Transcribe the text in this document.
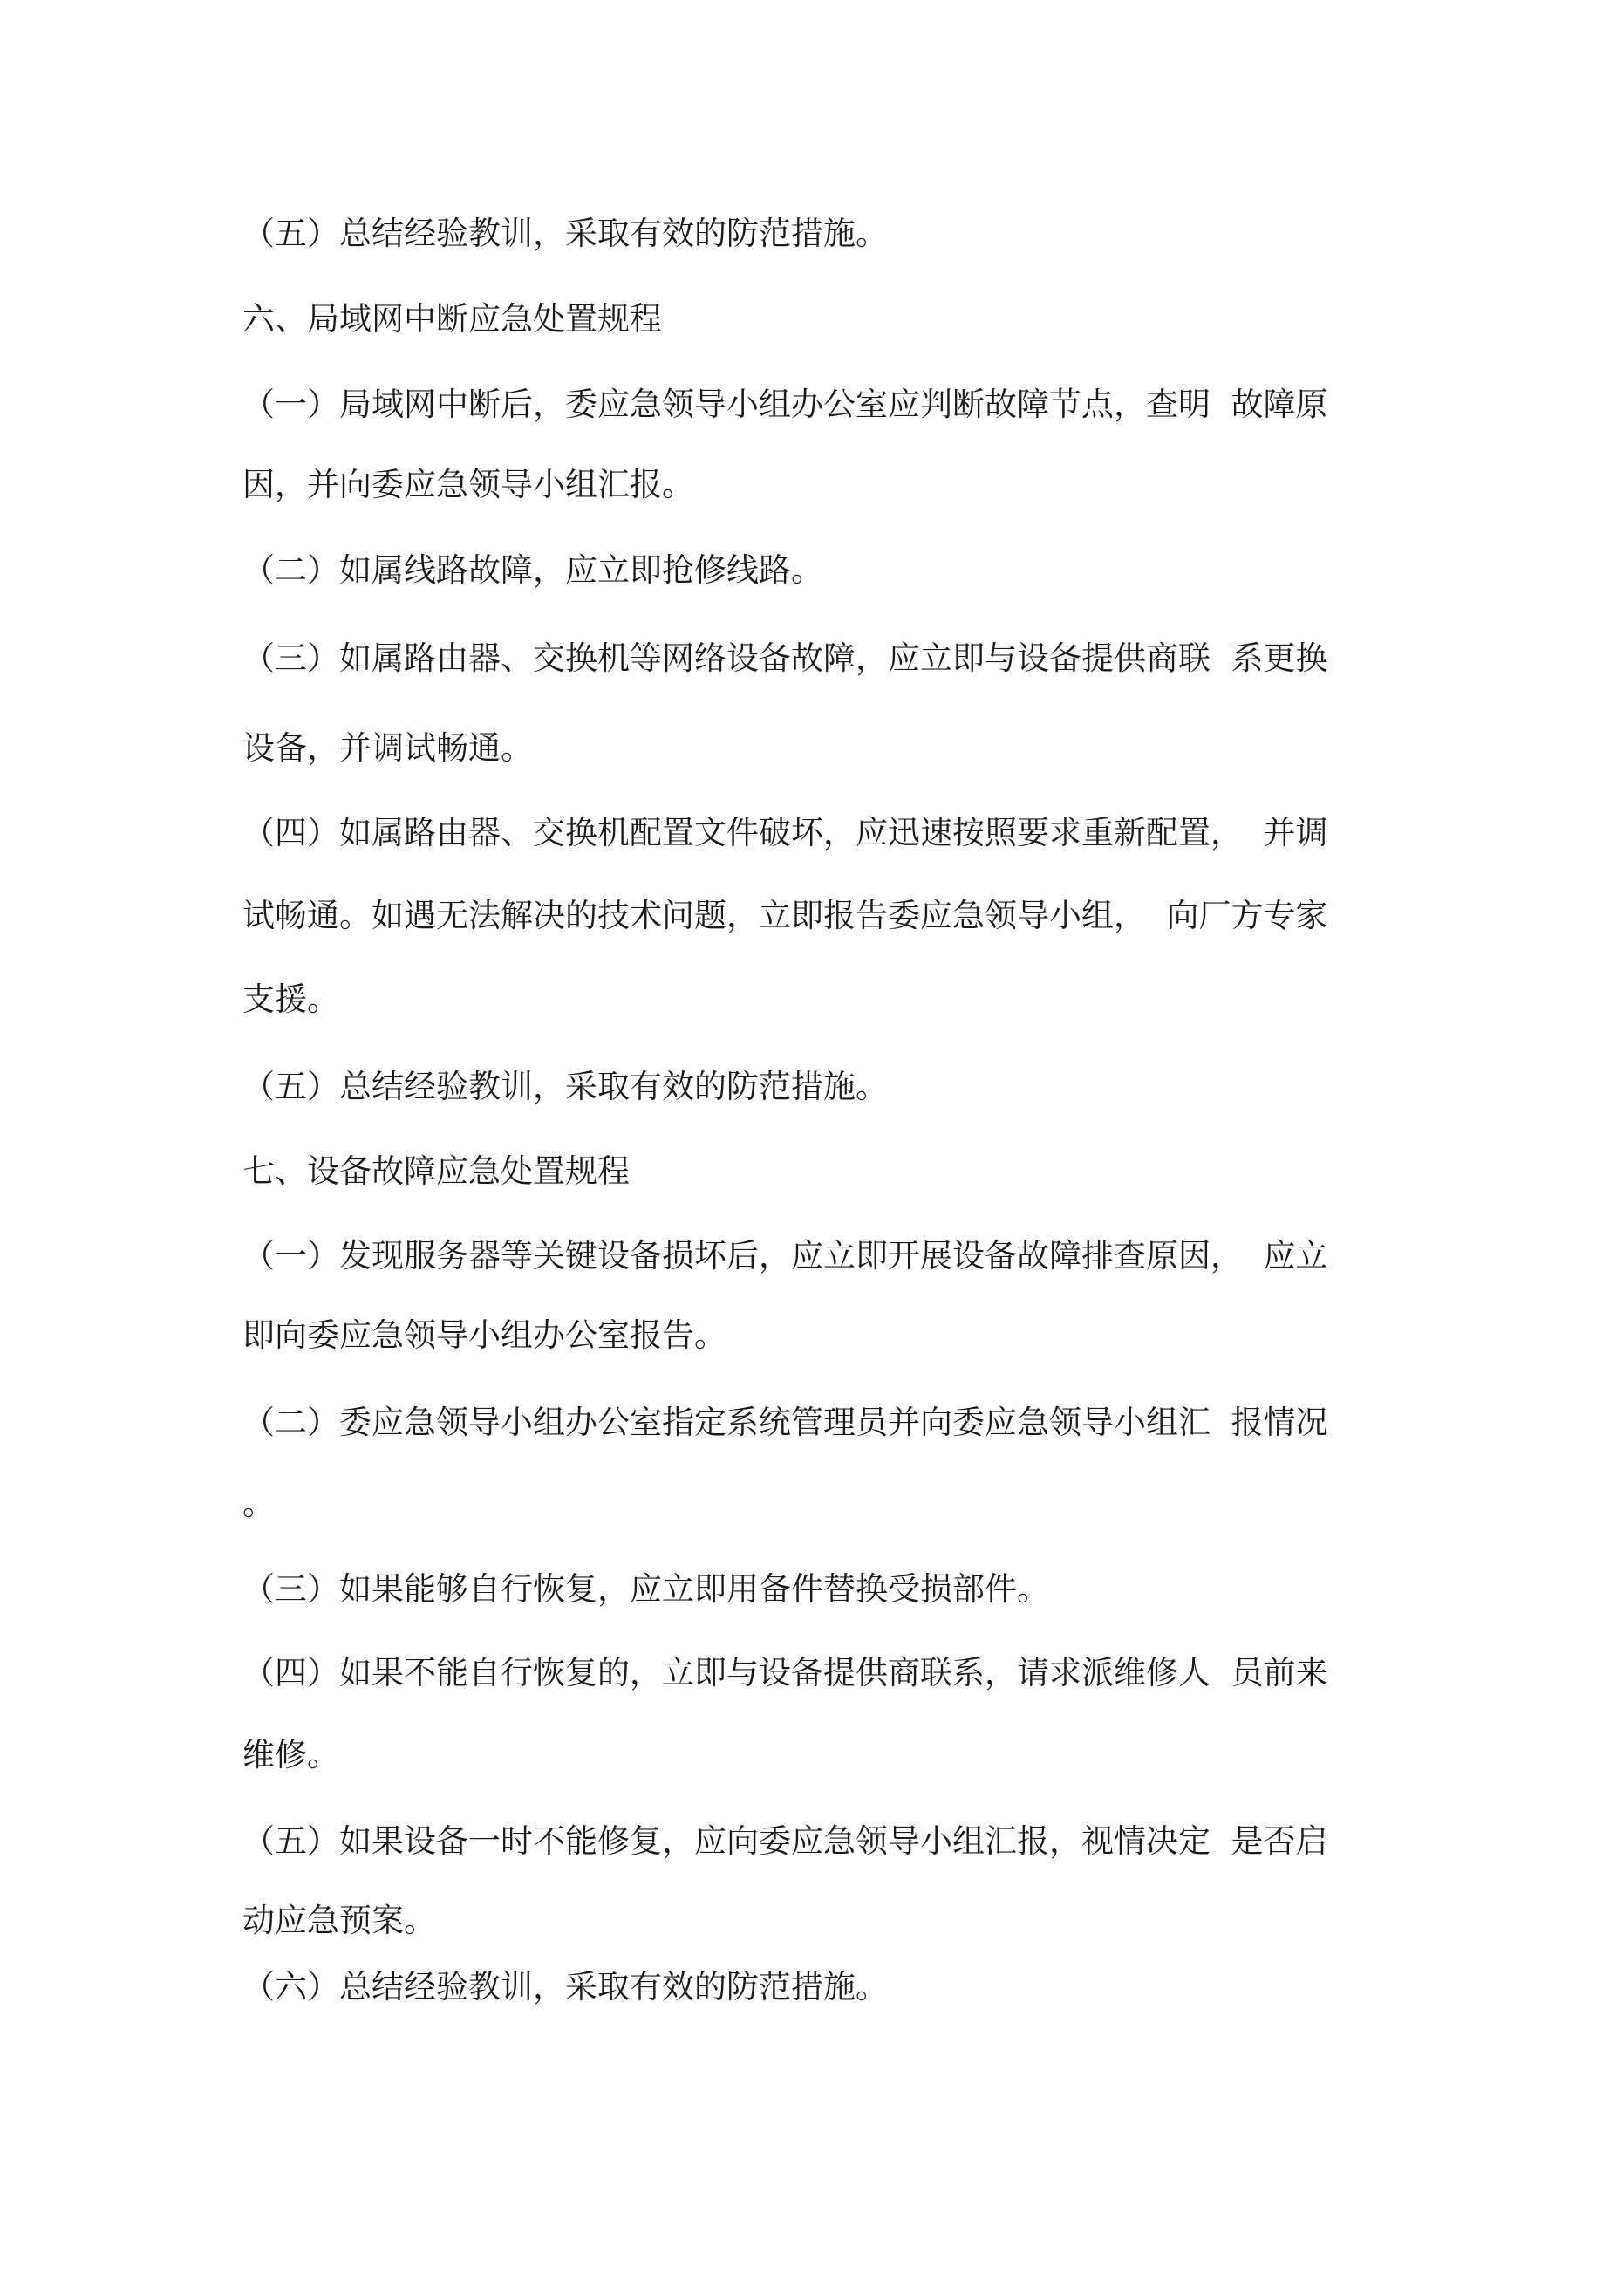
（五）总结经验教训，采取有效的防范措施。
六、局域网中断应急处置规程
（一）局域网中断后，委应急领导小组办公室应判断故障节点，查明  故障原
因，并向委应急领导小组汇报。
（二）如属线路故障，应立即抢修线路。
（三）如属路由器、交换机等网络设备故障，应立即与设备提供商联  系更换
设备，并调试畅通。
（四）如属路由器、交换机配置文件破坏，应迅速按照要求重新配置，  并调
试畅通。如遇无法解决的技术问题，立即报告委应急领导小组，  向厂方专家
支援。
（五）总结经验教训，采取有效的防范措施。
七、设备故障应急处置规程
（一）发现服务器等关键设备损坏后，应立即开展设备故障排查原因，  应立
即向委应急领导小组办公室报告。
（二）委应急领导小组办公室指定系统管理员并向委应急领导小组汇  报情况
。
（三）如果能够自行恢复，应立即用备件替换受损部件。
（四）如果不能自行恢复的，立即与设备提供商联系，请求派维修人  员前来
维修。
（五）如果设备一时不能修复，应向委应急领导小组汇报，视情决定  是否启
动应急预案。
（六）总结经验教训，采取有效的防范措施。
